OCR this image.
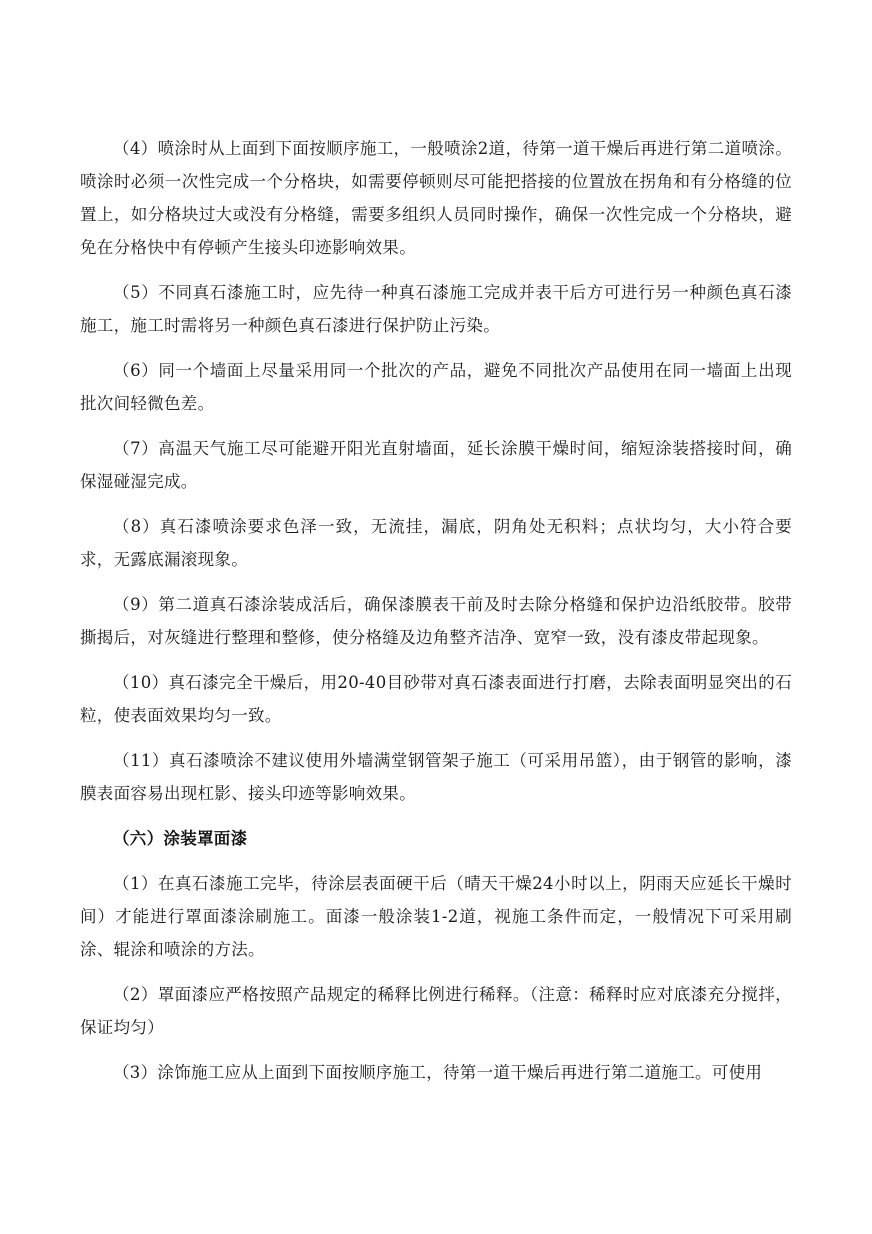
（4）喷涂时从上面到下面按顺序施工，一般喷涂2道，待第一道干燥后再进行第二道喷涂。喷涂时必须一次性完成一个分格块，如需要停顿则尽可能把搭接的位置放在拐角和有分格缝的位置上，如分格块过大或没有分格缝，需要多组织人员同时操作，确保一次性完成一个分格块，避免在分格快中有停顿产生接头印迹影响效果。

（5）不同真石漆施工时，应先待一种真石漆施工完成并表干后方可进行另一种颜色真石漆施工，施工时需将另一种颜色真石漆进行保护防止污染。

（6）同一个墙面上尽量采用同一个批次的产品，避免不同批次产品使用在同一墙面上出现批次间轻微色差。

（7）高温天气施工尽可能避开阳光直射墙面，延长涂膜干燥时间，缩短涂装搭接时间，确保湿碰湿完成。

（8）真石漆喷涂要求色泽一致，无流挂，漏底，阴角处无积料；点状均匀，大小符合要求，无露底漏滚现象。

（9）第二道真石漆涂装成活后，确保漆膜表干前及时去除分格缝和保护边沿纸胶带。胶带撕揭后，对灰缝进行整理和整修，使分格缝及边角整齐洁净、宽窄一致，没有漆皮带起现象。

（10）真石漆完全干燥后，用20-40目砂带对真石漆表面进行打磨，去除表面明显突出的石粒，使表面效果均匀一致。

（11）真石漆喷涂不建议使用外墙满堂钢管架子施工（可采用吊篮），由于钢管的影响，漆膜表面容易出现杠影、接头印迹等影响效果。

（六）涂装罩面漆

（1）在真石漆施工完毕，待涂层表面硬干后（晴天干燥24小时以上，阴雨天应延长干燥时间）才能进行罩面漆涂刷施工。面漆一般涂装1-2道，视施工条件而定，一般情况下可采用刷涂、辊涂和喷涂的方法。

（2）罩面漆应严格按照产品规定的稀释比例进行稀释。（注意：稀释时应对底漆充分搅拌，保证均匀）

（3）涂饰施工应从上面到下面按顺序施工，待第一道干燥后再进行第二道施工。可使用
